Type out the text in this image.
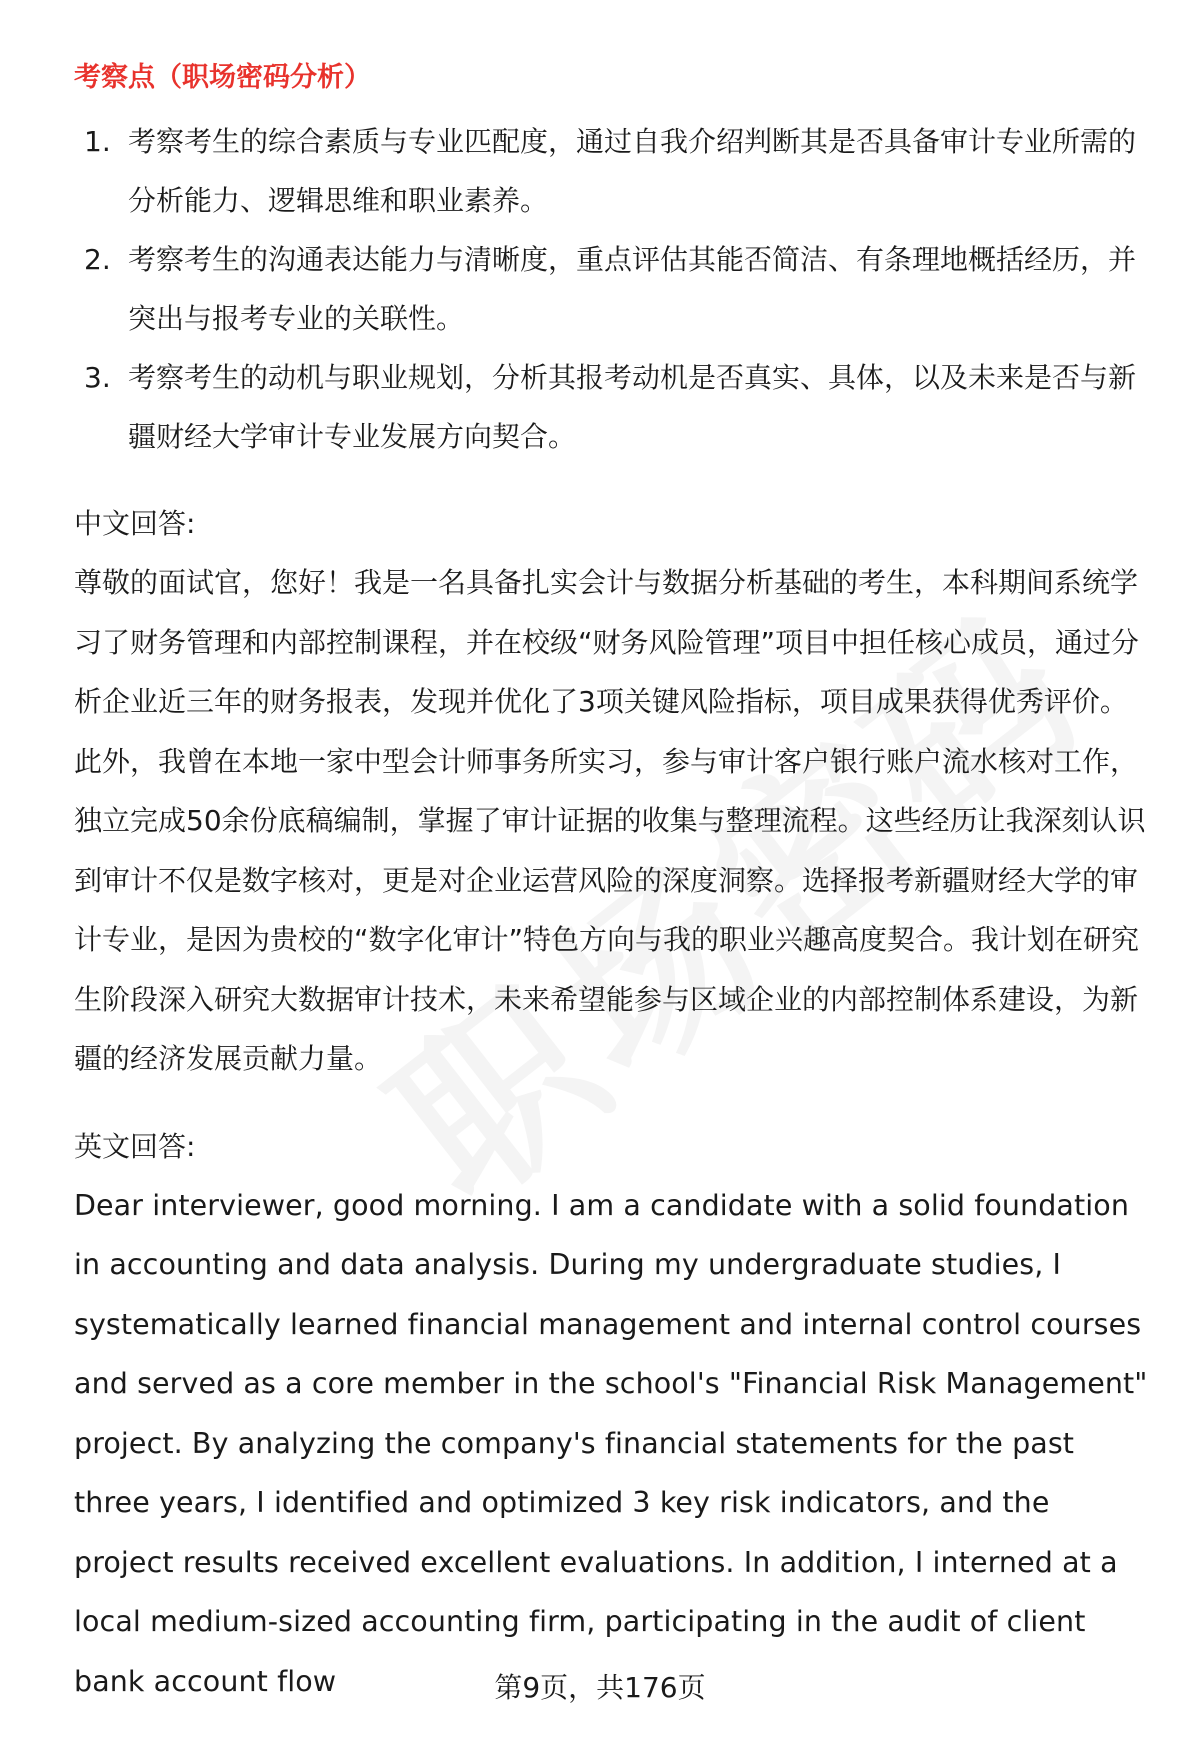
考察点（职场密码分析）
1. 考察考生的综合素质与专业匹配度，通过自我介绍判断其是否具备审计专业所需的分析能力、逻辑思维和职业素养。
2. 考察考生的沟通表达能力与清晰度，重点评估其能否简洁、有条理地概括经历，并突出与报考专业的关联性。
3. 考察考生的动机与职业规划，分析其报考动机是否真实、具体，以及未来是否与新疆财经大学审计专业发展方向契合。
中文回答:

尊敬的面试官，您好！我是一名具备扎实会计与数据分析基础的考生，本科期间系统学习了财务管理和内部控制课程，并在校级“财务风险管理”项目中担任核心成员，通过分析企业近三年的财务报表，发现并优化了3项关键风险指标，项目成果获得优秀评价。此外，我曾在本地一家中型会计师事务所实习，参与审计客户银行账户流水核对工作，独立完成50余份底稿编制，掌握了审计证据的收集与整理流程。这些经历让我深刻认识到审计不仅是数字核对，更是对企业运营风险的深度洞察。选择报考新疆财经大学的审计专业，是因为贵校的“数字化审计”特色方向与我的职业兴趣高度契合。我计划在研究生阶段深入研究大数据审计技术，未来希望能参与区域企业的内部控制体系建设，为新疆的经济发展贡献力量。

英文回答:

Dear interviewer, good morning. I am a candidate with a solid foundation in accounting and data analysis. During my undergraduate studies, I systematically learned financial management and internal control courses and served as a core member in the school's "Financial Risk Management" project. By analyzing the company's financial statements for the past three years, I identified and optimized 3 key risk indicators, and the project results received excellent evaluations. In addition, I interned at a local medium-sized accounting firm, participating in the audit of client bank account flow	第9页，共176页
